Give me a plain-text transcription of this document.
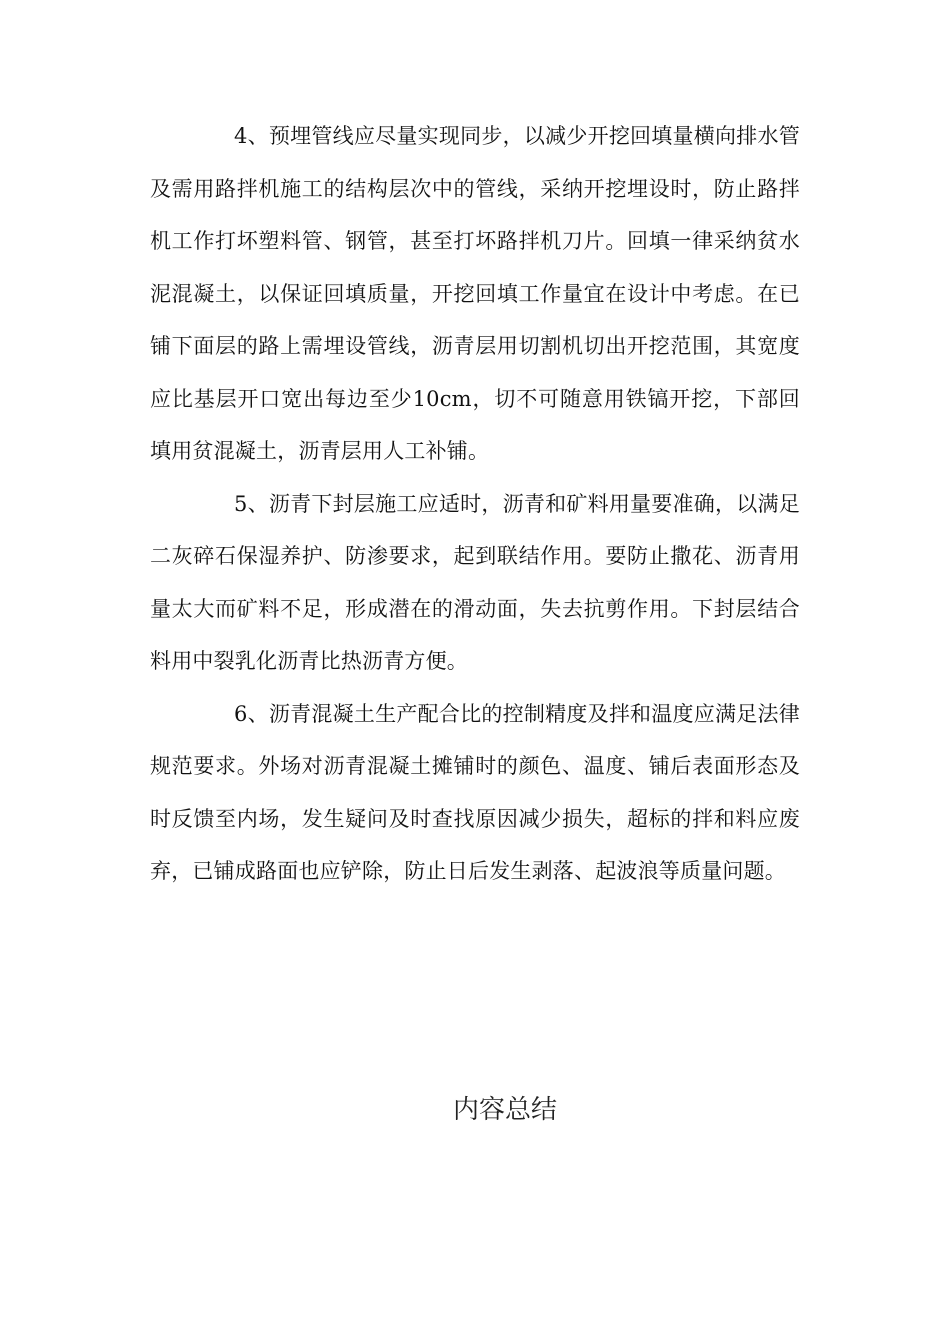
4、预埋管线应尽量实现同步，以减少开挖回填量横向排水管及需用路拌机施工的结构层次中的管线，采纳开挖埋设时，防止路拌机工作打坏塑料管、钢管，甚至打坏路拌机刀片。回填一律采纳贫水泥混凝土，以保证回填质量，开挖回填工作量宜在设计中考虑。在已铺下面层的路上需埋设管线，沥青层用切割机切出开挖范围，其宽度应比基层开口宽出每边至少10cm，切不可随意用铁镐开挖，下部回填用贫混凝土，沥青层用人工补铺。

5、沥青下封层施工应适时，沥青和矿料用量要准确，以满足二灰碎石保湿养护、防渗要求，起到联结作用。要防止撒花、沥青用量太大而矿料不足，形成潜在的滑动面，失去抗剪作用。下封层结合料用中裂乳化沥青比热沥青方便。

6、沥青混凝土生产配合比的控制精度及拌和温度应满足法律规范要求。外场对沥青混凝土摊铺时的颜色、温度、铺后表面形态及时反馈至内场，发生疑问及时查找原因减少损失，超标的拌和料应废弃，已铺成路面也应铲除，防止日后发生剥落、起波浪等质量问题。

内容总结
